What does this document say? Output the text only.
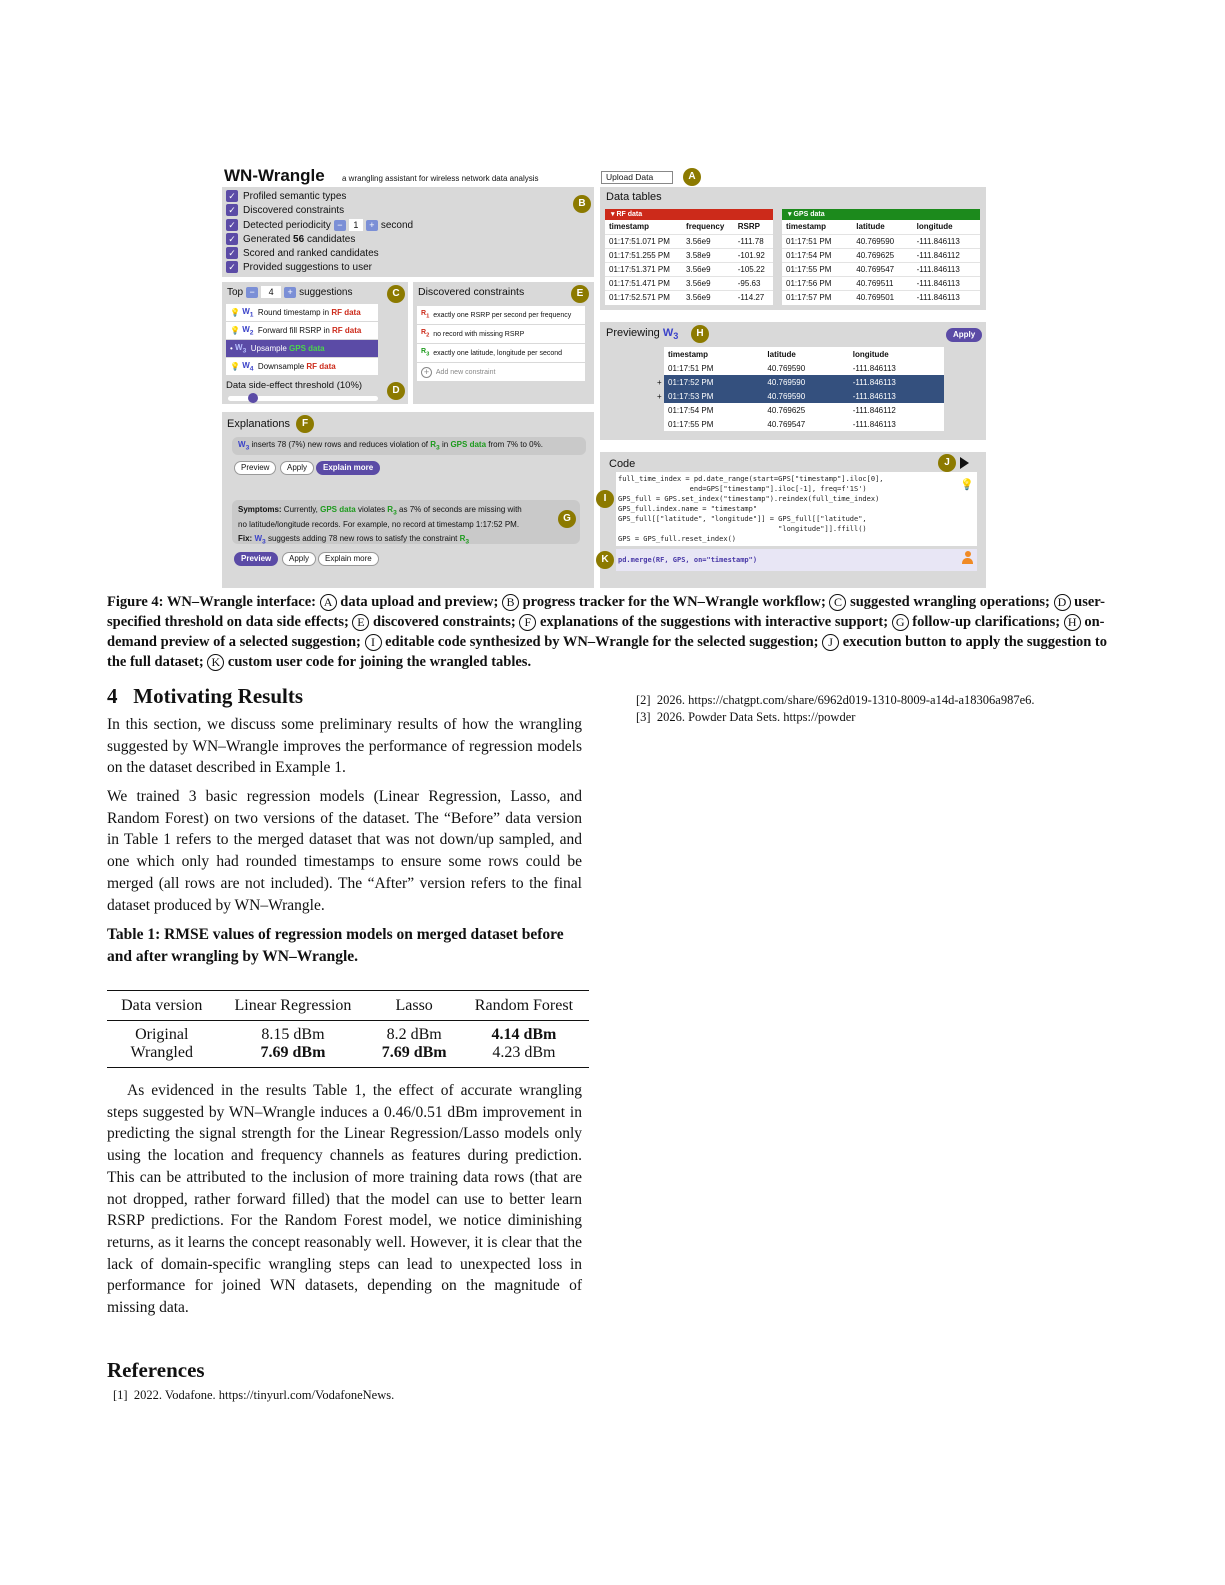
WN-Wrangle a wrangling assistant for wireless network data analysis
✓ Profiled semantic types
✓ Discovered constraints
✓ Detected periodicity −	1	+ second
✓ Generated
56
candidates
✓ Scored and ranked candidates
✓ Provided suggestions to user
B
Upload Data	A
Data tables
▾ RF data
timestamp	frequency	RSRP
01:17:51.071 PM	3.56e9	-111.78
01:17:51.255 PM	3.58e9	-101.92
01:17:51.371 PM	3.56e9	-105.22
01:17:51.471 PM	3.56e9	-95.63
01:17:52.571 PM	3.56e9	-114.27
▾ GPS data
timestamp	latitude	longitude
01:17:51 PM	40.769590	-111.846113
01:17:54 PM	40.769625	-111.846112
01:17:55 PM	40.769547	-111.846113
01:17:56 PM	40.769511	-111.846113
01:17:57 PM	40.769501	-111.846113
Top − 4 + suggestions	C
💡
$W_1$
Round timestamp in
RF data
💡
$W_2$
Forward fill RSRP in
RF data
•
$W_3$
Upsample
GPS data
💡
$W_4$
Downsample
RF data
Data side-effect threshold (10%)	D
Discovered constraints	E
$R_1$
exactly one RSRP per second per frequency
$R_2$
no record with missing RSRP
$R_3$
exactly one latitude, longitude per second
+
Add new constraint
Previewing $W_3$	H	Apply
	timestamp	latitude	longitude
	01:17:51 PM	40.769590	-111.846113
+	01:17:52 PM	40.769590	-111.846113
+	01:17:53 PM	40.769590	-111.846113
	01:17:54 PM	40.769625	-111.846112
	01:17:55 PM	40.769547	-111.846113
Explanations	F
$W_3$ inserts 78 (7%) new rows and reduces violation of $R_3$ in GPS data from 7% to 0%.
Preview	Apply	Explain more
Symptoms: Currently, GPS data violates $R_3$ as 7% of seconds are missing with
no latitude/longitude records. For example, no record at timestamp 1:17:52 PM.
Fix: $W_3$ suggests adding 78 new rows to satisfy the constraint $R_3$
G
Preview	Apply	Explain more
Code	J
full_time_index = pd.date_range(start=GPS["timestamp"].iloc[0],
end=GPS["timestamp"].iloc[-1], freq=f'1S')
GPS_full = GPS.set_index("timestamp").reindex(full_time_index)
GPS_full.index.name = "timestamp"
GPS_full[["latitude", "longitude"]] = GPS_full[["latitude",
"longitude"]].ffill()
GPS = GPS_full.reset_index()
💡
I
pd.merge(RF, GPS, on="timestamp")
K
Figure 4: WN–Wrangle interface: A data upload and preview; B progress tracker for the WN–Wrangle workflow; C suggested wrangling operations; D user-specified threshold on data side effects; E discovered constraints; F explanations of the suggestions with interactive support; G follow-up clarifications; H on-demand preview of a selected suggestion; I editable code synthesized by WN–Wrangle for the selected suggestion; J execution button to apply the suggestion to the full dataset; K custom user code for joining the wrangled tables.
4 Motivating Results
In this section, we discuss some preliminary results of how the wrangling suggested by WN–Wrangle improves the performance of regression models on the dataset described in Example 1.
We trained 3 basic regression models (Linear Regression, Lasso, and Random Forest) on two versions of the dataset. The “Before” data version in Table 1 refers to the merged dataset that was not down/up sampled, and one which only had rounded timestamps to ensure some rows could be merged (all rows are not included). The “After” version refers to the final dataset produced by WN–Wrangle.
Table 1: RMSE values of regression models on merged dataset before and after wrangling by WN–Wrangle.
Data version	Linear Regression	Lasso	Random Forest
Original	8.15 dBm	8.2 dBm	4.14 dBm
Wrangled	7.69 dBm	7.69 dBm	4.23 dBm
As evidenced in the results Table 1, the effect of accurate wrangling steps suggested by WN–Wrangle induces a 0.46/0.51 dBm improvement in predicting the signal strength for the Linear Regression/Lasso models only using the location and frequency channels as features during prediction. This can be attributed to the inclusion of more training data rows (that are not dropped, rather forward filled) that the model can use to better learn RSRP predictions. For the Random Forest model, we notice diminishing returns, as it learns the concept reasonably well. However, it is clear that the lack of domain-specific wrangling steps can lead to unexpected loss in performance for joined WN datasets, depending on the magnitude of missing data.
References
[1] 2022. Vodafone. https://tinyurl.com/VodafoneNews.
[2] 2026. https://chatgpt.com/share/6962d019-1310-8009-a14d-a18306a987e6.
[3] 2026. Powder Data Sets. https://powder
